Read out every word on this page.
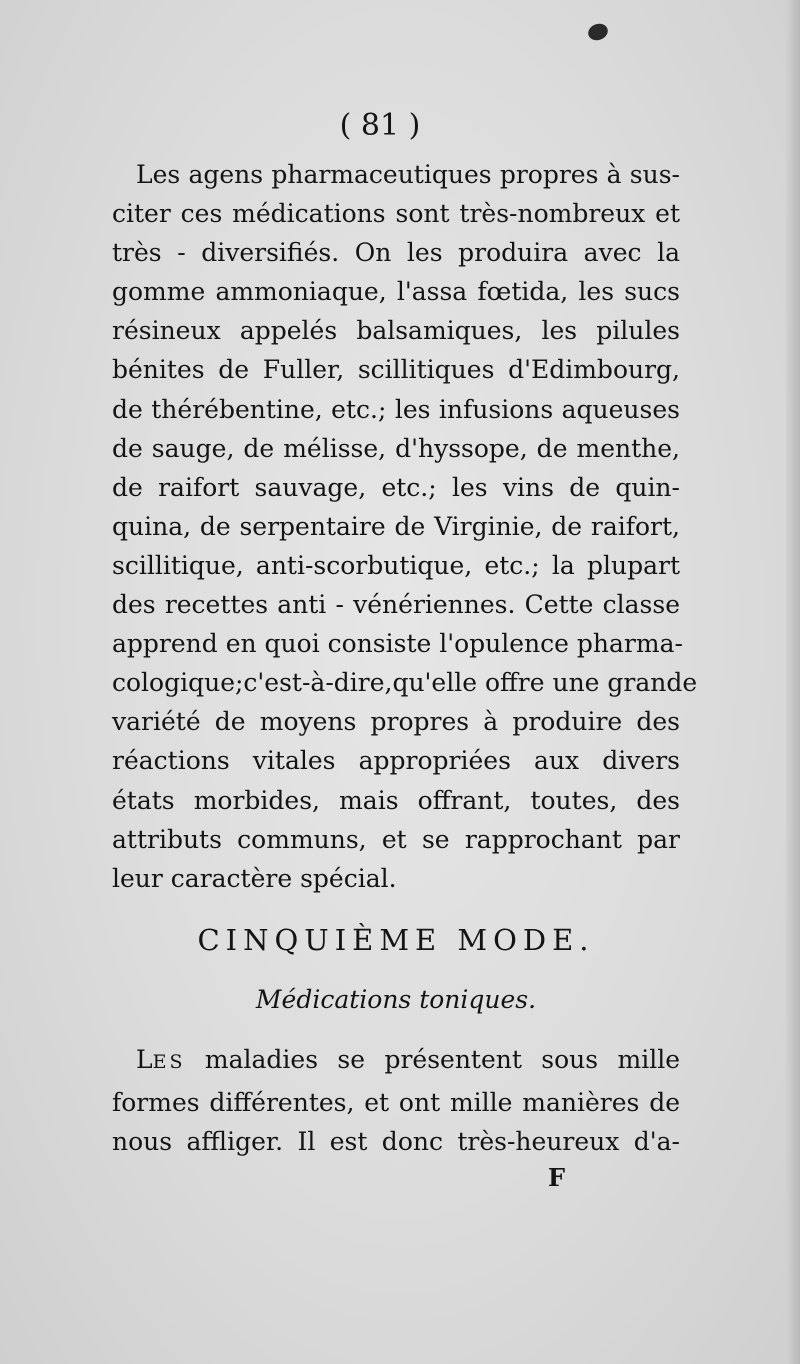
( 81 )

Les agens pharmaceutiques propres à sus-
citer ces médications sont très-nombreux et
très - diversifiés. On les produira avec la
gomme ammoniaque, l'assa fœtida, les sucs
résineux appelés balsamiques, les pilules
bénites de Fuller, scillitiques d'Edimbourg,
de thérébentine, etc.; les infusions aqueuses
de sauge, de mélisse, d'hyssope, de menthe,
de raifort sauvage, etc.; les vins de quin-
quina, de serpentaire de Virginie, de raifort,
scillitique, anti-scorbutique, etc.; la plupart
des recettes anti - vénériennes. Cette classe
apprend en quoi consiste l'opulence pharma-
cologique;c'est-à-dire,qu'elle offre une grande
variété de moyens propres à produire des
réactions vitales appropriées aux divers
états morbides, mais offrant, toutes, des
attributs communs, et se rapprochant par
leur caractère spécial.

CINQUIÈME MODE.
Médications toniques.

LES maladies se présentent sous mille
formes différentes, et ont mille manières de
nous affliger. Il est donc très-heureux d'a-

F
